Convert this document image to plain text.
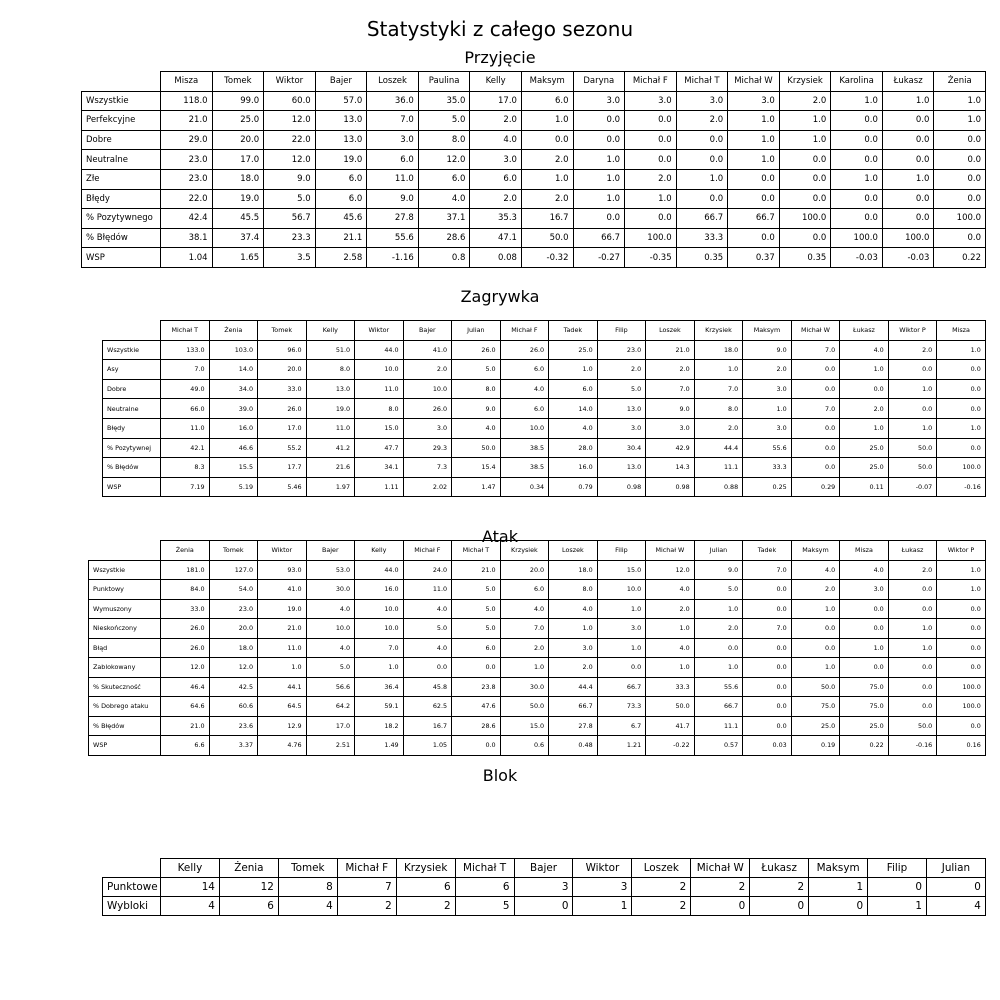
Statystyki z całego sezonu
Przyjęcie
	Misza	Tomek	Wiktor	Bajer	Loszek	Paulina	Kelly	Maksym	Daryna	Michał F	Michał T	Michał W	Krzysiek	Karolina	Łukasz	Żenia
Wszystkie	118.0	99.0	60.0	57.0	36.0	35.0	17.0	6.0	3.0	3.0	3.0	3.0	2.0	1.0	1.0	1.0
Perfekcyjne	21.0	25.0	12.0	13.0	7.0	5.0	2.0	1.0	0.0	0.0	2.0	1.0	1.0	0.0	0.0	1.0
Dobre	29.0	20.0	22.0	13.0	3.0	8.0	4.0	0.0	0.0	0.0	0.0	1.0	1.0	0.0	0.0	0.0
Neutralne	23.0	17.0	12.0	19.0	6.0	12.0	3.0	2.0	1.0	0.0	0.0	1.0	0.0	0.0	0.0	0.0
Złe	23.0	18.0	9.0	6.0	11.0	6.0	6.0	1.0	1.0	2.0	1.0	0.0	0.0	1.0	1.0	0.0
Błędy	22.0	19.0	5.0	6.0	9.0	4.0	2.0	2.0	1.0	1.0	0.0	0.0	0.0	0.0	0.0	0.0
% Pozytywnego	42.4	45.5	56.7	45.6	27.8	37.1	35.3	16.7	0.0	0.0	66.7	66.7	100.0	0.0	0.0	100.0
% Błędów	38.1	37.4	23.3	21.1	55.6	28.6	47.1	50.0	66.7	100.0	33.3	0.0	0.0	100.0	100.0	0.0
WSP	1.04	1.65	3.5	2.58	-1.16	0.8	0.08	-0.32	-0.27	-0.35	0.35	0.37	0.35	-0.03	-0.03	0.22
Zagrywka
	Michał T	Żenia	Tomek	Kelly	Wiktor	Bajer	Julian	Michał F	Tadek	Filip	Loszek	Krzysiek	Maksym	Michał W	Łukasz	Wiktor P	Misza
Wszystkie	133.0	103.0	96.0	51.0	44.0	41.0	26.0	26.0	25.0	23.0	21.0	18.0	9.0	7.0	4.0	2.0	1.0
Asy	7.0	14.0	20.0	8.0	10.0	2.0	5.0	6.0	1.0	2.0	2.0	1.0	2.0	0.0	1.0	0.0	0.0
Dobre	49.0	34.0	33.0	13.0	11.0	10.0	8.0	4.0	6.0	5.0	7.0	7.0	3.0	0.0	0.0	1.0	0.0
Neutralne	66.0	39.0	26.0	19.0	8.0	26.0	9.0	6.0	14.0	13.0	9.0	8.0	1.0	7.0	2.0	0.0	0.0
Błędy	11.0	16.0	17.0	11.0	15.0	3.0	4.0	10.0	4.0	3.0	3.0	2.0	3.0	0.0	1.0	1.0	1.0
% Pozytywnej	42.1	46.6	55.2	41.2	47.7	29.3	50.0	38.5	28.0	30.4	42.9	44.4	55.6	0.0	25.0	50.0	0.0
% Błędów	8.3	15.5	17.7	21.6	34.1	7.3	15.4	38.5	16.0	13.0	14.3	11.1	33.3	0.0	25.0	50.0	100.0
WSP	7.19	5.19	5.46	1.97	1.11	2.02	1.47	0.34	0.79	0.98	0.98	0.88	0.25	0.29	0.11	-0.07	-0.16
Atak
	Żenia	Tomek	Wiktor	Bajer	Kelly	Michał F	Michał T	Krzysiek	Loszek	Filip	Michał W	Julian	Tadek	Maksym	Misza	Łukasz	Wiktor P
Wszystkie	181.0	127.0	93.0	53.0	44.0	24.0	21.0	20.0	18.0	15.0	12.0	9.0	7.0	4.0	4.0	2.0	1.0
Punktowy	84.0	54.0	41.0	30.0	16.0	11.0	5.0	6.0	8.0	10.0	4.0	5.0	0.0	2.0	3.0	0.0	1.0
Wymuszony	33.0	23.0	19.0	4.0	10.0	4.0	5.0	4.0	4.0	1.0	2.0	1.0	0.0	1.0	0.0	0.0	0.0
Nieskończony	26.0	20.0	21.0	10.0	10.0	5.0	5.0	7.0	1.0	3.0	1.0	2.0	7.0	0.0	0.0	1.0	0.0
Błąd	26.0	18.0	11.0	4.0	7.0	4.0	6.0	2.0	3.0	1.0	4.0	0.0	0.0	0.0	1.0	1.0	0.0
Zablokowany	12.0	12.0	1.0	5.0	1.0	0.0	0.0	1.0	2.0	0.0	1.0	1.0	0.0	1.0	0.0	0.0	0.0
% Skuteczność	46.4	42.5	44.1	56.6	36.4	45.8	23.8	30.0	44.4	66.7	33.3	55.6	0.0	50.0	75.0	0.0	100.0
% Dobrego ataku	64.6	60.6	64.5	64.2	59.1	62.5	47.6	50.0	66.7	73.3	50.0	66.7	0.0	75.0	75.0	0.0	100.0
% Błędów	21.0	23.6	12.9	17.0	18.2	16.7	28.6	15.0	27.8	6.7	41.7	11.1	0.0	25.0	25.0	50.0	0.0
WSP	6.6	3.37	4.76	2.51	1.49	1.05	0.0	0.6	0.48	1.21	-0.22	0.57	0.03	0.19	0.22	-0.16	0.16
Blok
	Kelly	Żenia	Tomek	Michał F	Krzysiek	Michał T	Bajer	Wiktor	Loszek	Michał W	Łukasz	Maksym	Filip	Julian
Punktowe	14	12	8	7	6	6	3	3	2	2	2	1	0	0
Wybloki	4	6	4	2	2	5	0	1	2	0	0	0	1	4
